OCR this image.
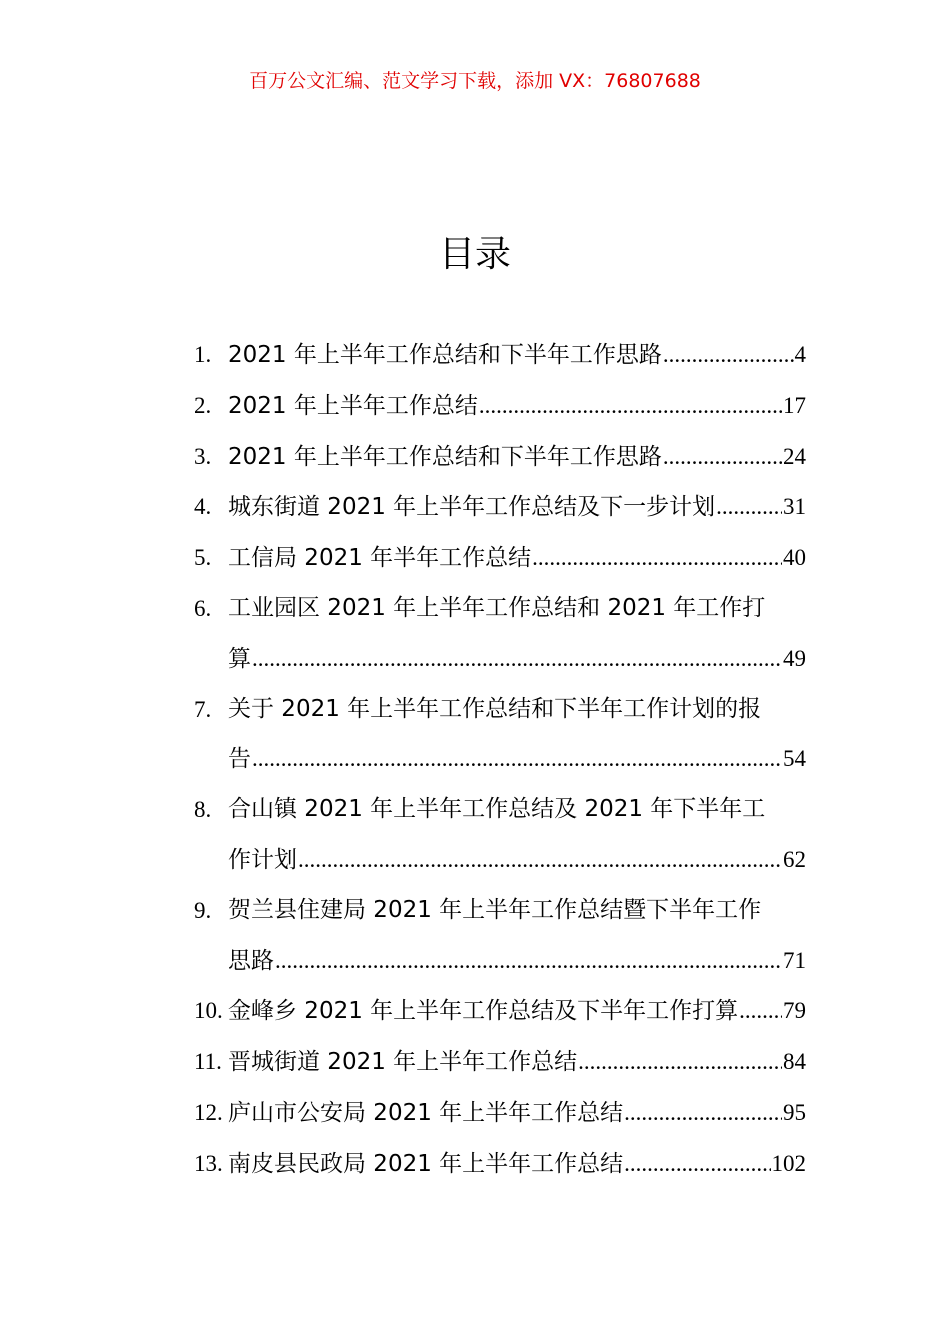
百万公文汇编、范文学习下载，添加 VX：76807688
目录
1. 2021 年上半年工作总结和下半年工作思路 .....	4
2. 2021 年上半年工作总结 .....	17
3. 2021 年上半年工作总结和下半年工作思路 .....	24
4. 城东街道 2021 年上半年工作总结及下一步计划 .....	31
5. 工信局 2021 年半年工作总结 .....	40
6. 工业园区 2021 年上半年工作总结和 2021 年工作打
算 .....	49
7. 关于 2021 年上半年工作总结和下半年工作计划的报
告 .....	54
8. 合山镇 2021 年上半年工作总结及 2021 年下半年工
作计划 .....	62
9. 贺兰县住建局 2021 年上半年工作总结暨下半年工作
思路 .....	71
10. 金峰乡 2021 年上半年工作总结及下半年工作打算 ..... 79
11. 晋城街道 2021 年上半年工作总结 .....	84
12. 庐山市公安局 2021 年上半年工作总结 .....	95
13. 南皮县民政局 2021 年上半年工作总结 .....	102
